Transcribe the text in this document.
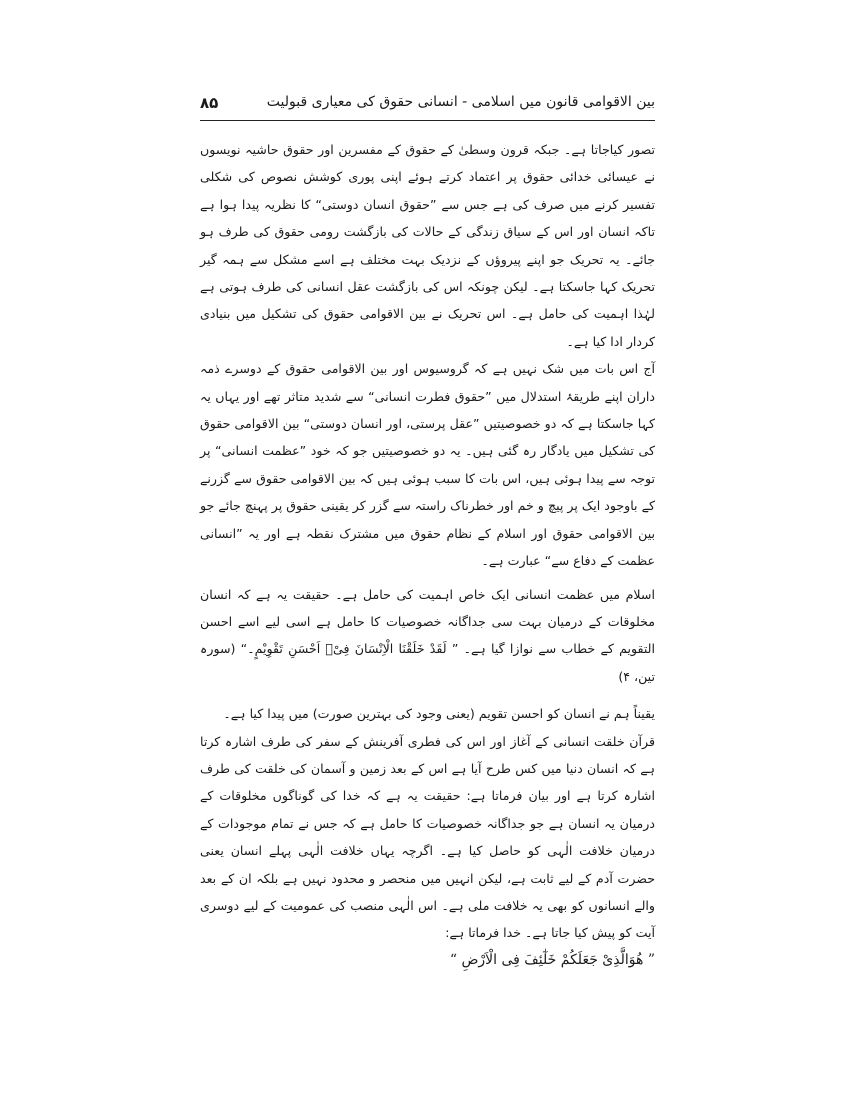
۸۵	بین الاقوامی قانون میں اسلامی - انسانی حقوق کی معیاری قبولیت

تصور کیاجاتا ہے۔ جبکہ قرون وسطیٰ کے حقوق کے مفسرین اور حقوق حاشیہ نویسوں نے عیسائی خدائی حقوق پر اعتماد کرتے ہوئے اپنی پوری کوشش نصوص کی شکلی تفسیر کرنے میں صرف کی ہے جس سے ”حقوق انسان دوستی“ کا نظریہ پیدا ہوا ہے تاکہ انسان اور اس کے سیاق زندگی کے حالات کی بازگشت رومی حقوق کی طرف ہو جائے۔ یہ تحریک جو اپنے پیروؤں کے نزدیک بہت مختلف ہے اسے مشکل سے ہمہ گیر تحریک کہا جاسکتا ہے۔ لیکن چونکہ اس کی بازگشت عقل انسانی کی طرف ہوتی ہے لہٰذا اہمیت کی حامل ہے۔ اس تحریک نے بین الاقوامی حقوق کی تشکیل میں بنیادی کردار ادا کیا ہے۔

آج اس بات میں شک نہیں ہے کہ گروسیوس اور بین الاقوامی حقوق کے دوسرے ذمہ داران اپنے طریقۂ استدلال میں ”حقوق فطرت انسانی“ سے شدید متاثر تھے اور یہاں یہ کہا جاسکتا ہے کہ دو خصوصیتیں ”عقل پرستی، اور انسان دوستی“ بین الاقوامی حقوق کی تشکیل میں یادگار رہ گئی ہیں۔ یہ دو خصوصیتیں جو کہ خود ”عظمت انسانی“ پر توجہ سے پیدا ہوئی ہیں، اس بات کا سبب ہوئی ہیں کہ بین الاقوامی حقوق سے گزرنے کے باوجود ایک پر پیچ و خم اور خطرناک راستہ سے گزر کر یقینی حقوق پر پہنچ جائے جو بین الاقوامی حقوق اور اسلام کے نظام حقوق میں مشترک نقطہ ہے اور یہ ”انسانی عظمت کے دفاع سے“ عبارت ہے۔

اسلام میں عظمت انسانی ایک خاص اہمیت کی حامل ہے۔ حقیقت یہ ہے کہ انسان مخلوقات کے درمیان بہت سی جداگانہ خصوصیات کا حامل ہے اسی لیے اسے احسن التقویم کے خطاب سے نوازا گیا ہے۔ ” لَقَدْ خَلَقْنَا الْاِنْسَانَ فِیْۤ اَحْسَنِ تَقْوِیْمٍ۔“ (سورہ تین، ۴)

یقیناً ہم نے انسان کو احسن تقویم (یعنی وجود کی بہترین صورت) میں پیدا کیا ہے۔

قرآن خلقت انسانی کے آغاز اور اس کی فطری آفرینش کے سفر کی طرف اشارہ کرتا ہے کہ انسان دنیا میں کس طرح آیا ہے اس کے بعد زمین و آسمان کی خلقت کی طرف اشارہ کرتا ہے اور بیان فرماتا ہے: حقیقت یہ ہے کہ خدا کی گوناگوں مخلوقات کے درمیان یہ انسان ہے جو جداگانہ خصوصیات کا حامل ہے کہ جس نے تمام موجودات کے درمیان خلافت الٰہی کو حاصل کیا ہے۔ اگرچہ یہاں خلافت الٰہی پہلے انسان یعنی حضرت آدم کے لیے ثابت ہے، لیکن انہیں میں منحصر و محدود نہیں ہے بلکہ ان کے بعد والے انسانوں کو بھی یہ خلافت ملی ہے۔ اس الٰہی منصب کی عمومیت کے لیے دوسری آیت کو پیش کیا جاتا ہے۔ خدا فرماتا ہے:

” هُوَالَّذِیْ جَعَلَکُمْ خَلٰٓئِفَ فِی الْاَرْضِ “
